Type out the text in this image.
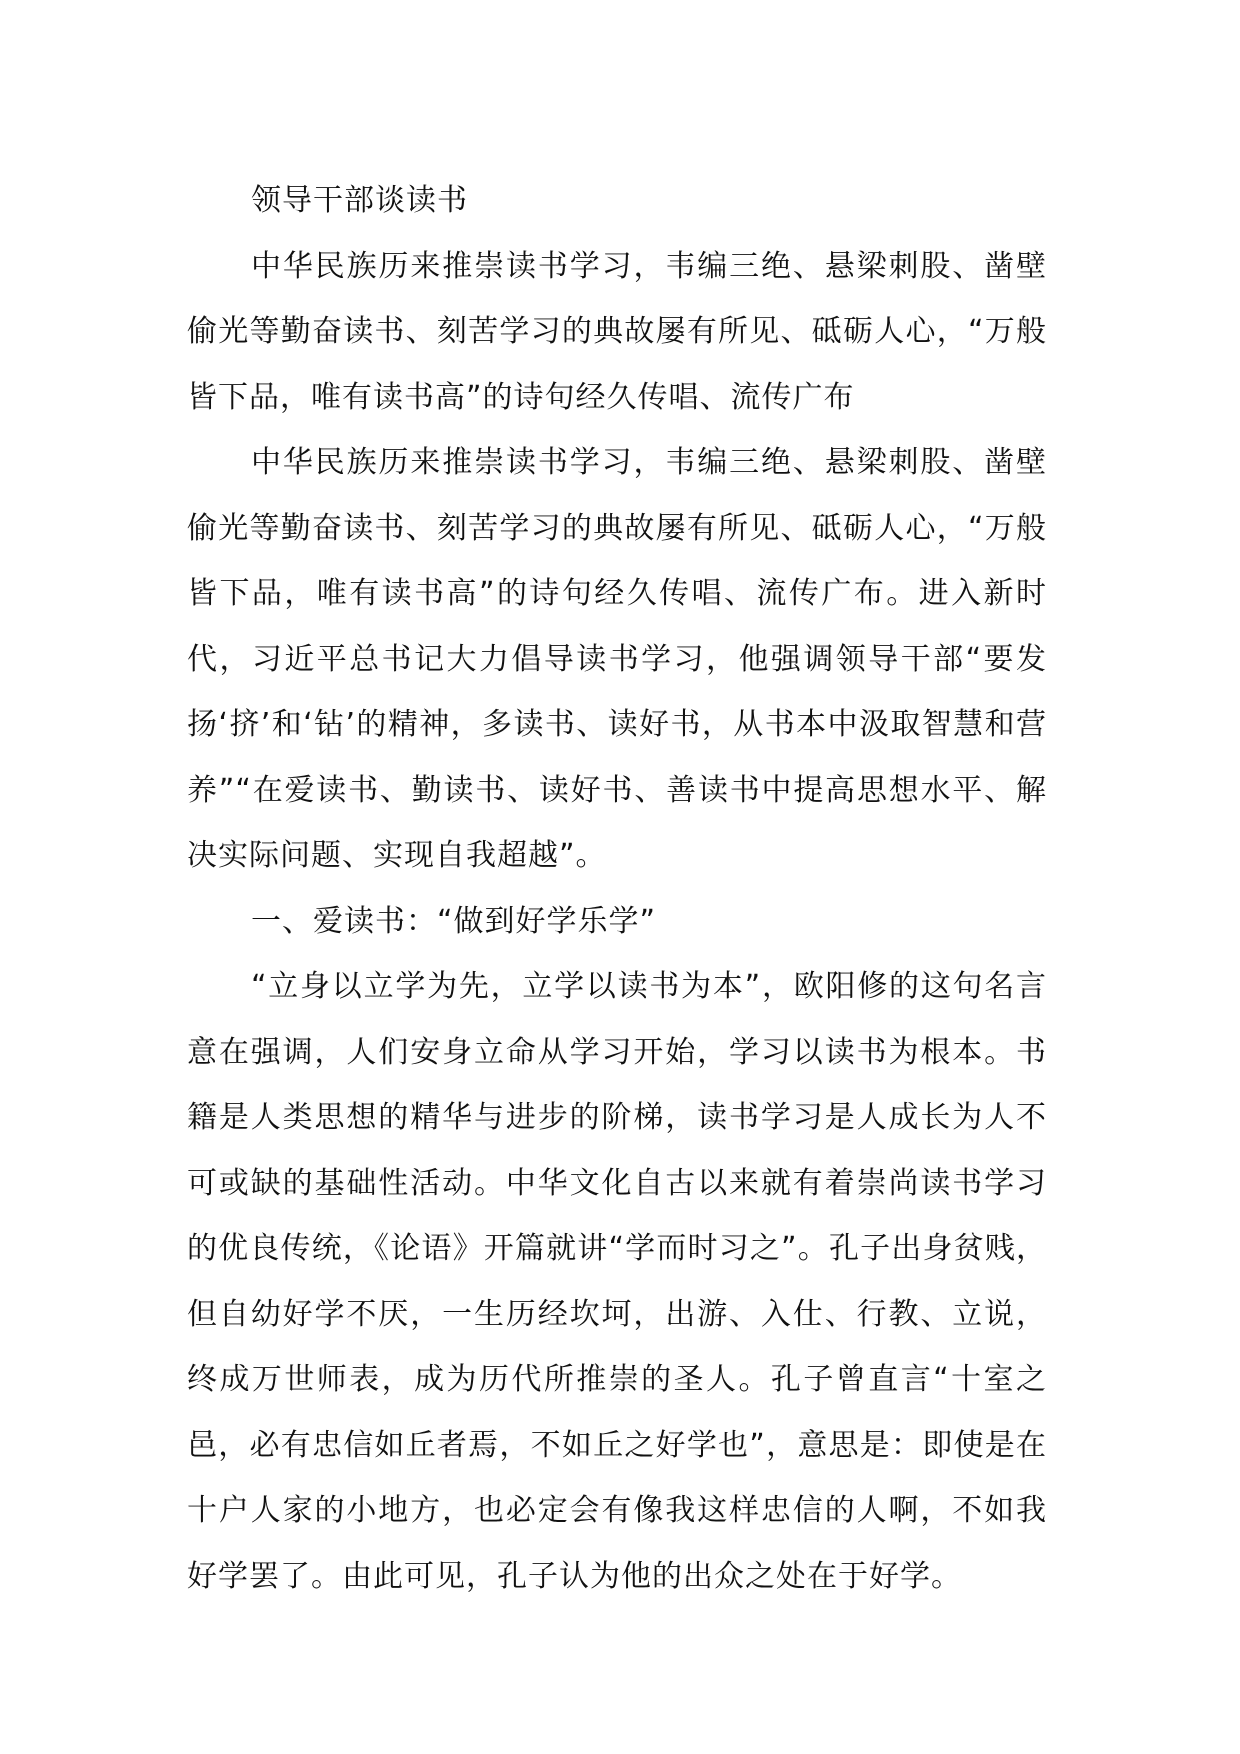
领导干部谈读书

中华民族历来推崇读书学习，韦编三绝、悬梁刺股、凿壁偷光等勤奋读书、刻苦学习的典故屡有所见、砥砺人心，“万般皆下品，唯有读书高”的诗句经久传唱、流传广布

中华民族历来推崇读书学习，韦编三绝、悬梁刺股、凿壁偷光等勤奋读书、刻苦学习的典故屡有所见、砥砺人心，“万般皆下品，唯有读书高”的诗句经久传唱、流传广布。进入新时代，习近平总书记大力倡导读书学习，他强调领导干部“要发扬‘挤’和‘钻’的精神，多读书、读好书，从书本中汲取智慧和营养”“在爱读书、勤读书、读好书、善读书中提高思想水平、解决实际问题、实现自我超越”。

一、爱读书：“做到好学乐学”

“立身以立学为先，立学以读书为本”，欧阳修的这句名言意在强调，人们安身立命从学习开始，学习以读书为根本。书籍是人类思想的精华与进步的阶梯，读书学习是人成长为人不可或缺的基础性活动。中华文化自古以来就有着崇尚读书学习的优良传统，《论语》开篇就讲“学而时习之”。孔子出身贫贱，但自幼好学不厌，一生历经坎坷，出游、入仕、行教、立说，终成万世师表，成为历代所推崇的圣人。孔子曾直言“十室之邑，必有忠信如丘者焉，不如丘之好学也”，意思是：即使是在十户人家的小地方，也必定会有像我这样忠信的人啊，不如我好学罢了。由此可见，孔子认为他的出众之处在于好学。
